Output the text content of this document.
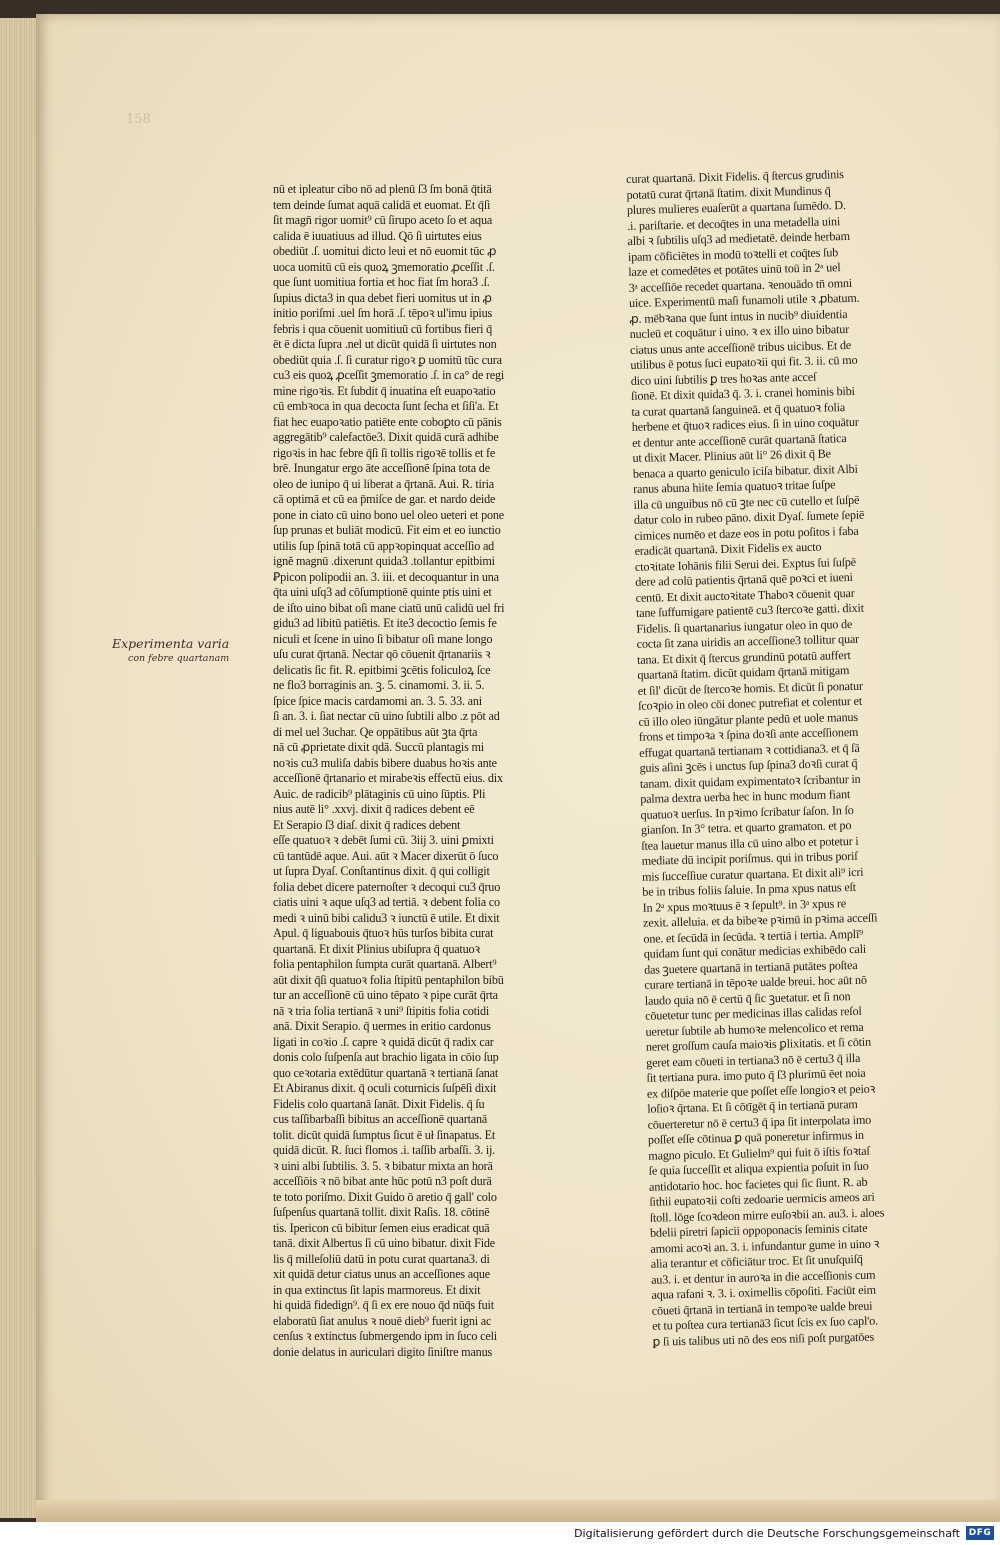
158
Experimenta varia
con febre quartanam
nū et ipleatur cibo nō ad plenū ſ3 ſm bonā q̄titā
tem deinde ſumat aquā calidā et euomat. Et q̄ſi
ſit magn̄ rigor uomit⁹ cū ſirupo aceto ſo et aqua
calida ē iuuatiuus ad illud. Qō ſi uirtutes eius
obediūt .ſ. uomitui dicto leui et nō euomit tūc ꝓ
uoca uomitū cū eis quoꝝ ꝫmemoratio ꝓceſſit .ſ.
que ſunt uomitiua fortia et hoc fiat ſm hora3 .ſ.
ſupius dicta3 in qua debet fieri uomitus ut in ꝓ
initio poriſmi .uel ſm horā .ſ. tēpoꝛ ul'imu ipius
febris i qua cōuenit uomitiuū cū fortibus fieri q̄
ēt ē dicta ſupra .nel ut dicūt quidā ſi uirtutes non
obediūt quia .ſ. ſi curatur rigoꝛ ꝑ uomitū tūc cura
cu3 eis quoꝝ ꝓceſſit ꝫmemoratio .ſ. in ca° de regi
mine rigoꝛis. Et ſubdit q̄ inuatina eſt euapoꝛatio
cū embꝛoca in qua decocta ſunt ſecha et ſiſi'a. Et
fiat hec euapoꝛatio patiēte ente coboꝑto cū pānis
aggregātib⁹ calefactōe3. Dixit quidā curā adhibe
rigoꝛis in hac febre q̄ſi ſi tollis rigoꝛē tollis et fe
brē. Inungatur ergo āte acceſſionē ſpina tota de
oleo de iunipo q̄ ui liberat a q̄rtanā. Aui. R. tiria
cā optimā et cū ea p̄miſce de gar. et nardo deide
pone in ciato cū uino bono uel oleo ueteri et pone
ſup prunas et buliāt modicū. Fit eim et eo iunctio
utilis ſup ſpinā totā cū appꝛopinquat acceſſio ad
igně magnū .dixerunt quida3 .tollantur epitbimi
Ꝑpicon polipodii an. 3. iii. et decoquantur in una
q̄ta uini uſq3 ad cōſumptionē quinte ptis uini et
de iſto uino bibat oſi mane ciatū unū calidū uel fri
gidu3 ad libitū patiētis. Et ite3 decoctio ſemis fe
niculi et ſcene in uino ſi bibatur oſi mane longo
uſu curat q̄rtanā. Nectar qō cōuenit q̄rtanariis ꝛ
delicatis ſic fit. R. epitbimi ꝫcētis foliculoꝝ ſce
ne flo3 borraginis an. ꝫ. 5. cinamomi. 3. ii. 5.
ſpice ſpice macis cardamomi an. 3. 5. 33. ani
ſi an. 3. i. ſiat nectar cū uino ſubtili albo .z pōt ad
di mel uel 3uchar. Qe oppātibus aūt ꝫta q̄rta
nā cū ꝓprietate dixit qdā. Succū plantagis mi
noꝛis cu3 muliſa dabis bibere duabus hoꝛis ante
acceſſionē q̄rtanario et mirabeꝛis effectū eius. dix
Auic. de radicib⁹ plātaginis cū uino ſūptis. Pli
nius autē li° .xxvj. dixit q̄ radices debent eē
Et Serapio ſ3 diaſ. dixit q̄ radices debent
eſſe quatuoꝛ ꝛ debēt ſumi cū. 3iij 3. uini ꝑmixti
cū tantūdē aque. Aui. aūt ꝛ Macer dixerūt ō ſuco
ut ſupra Dyaſ. Conſtantinus dixit. q̄ qui colligit
folia debet dicere paternoſter ꝛ decoqui cu3 q̄ruo
ciatis uini ꝛ aque uſq3 ad tertiā. ꝛ debent folia co
medi ꝛ uinū bibi calidu3 ꝛ iunctū ē utile. Et dixit
Apul. q̄ liguabouis q̄tuoꝛ hūs turſos bibita curat
quartanā. Et dixit Plinius ubiſupra q̄ quatuoꝛ
folia pentaphilon ſumpta curāt quartanā. Albert⁹
aūt dixit q̄ſi quatuoꝛ folia ſtipitū pentaphilon bibū
tur an acceſſionē cū uino tēpato ꝛ pipe curāt q̄rta
nā ꝛ tria folia tertianā ꝛ uni⁹ ſtipitis folia cotidi
anā. Dixit Serapio. q̄ uermes in eritio cardonus
ligati in coꝛio .ſ. capre ꝛ quidā dicūt q̄ radix car
donis colo ſuſpenſa aut brachio ligata in cōio ſup
quo ceꝛotaria extēdūtur quartanā ꝛ tertianā ſanat
Et Abiranus dixit. q̄ oculi coturnicis ſuſpēſi dixit
Fidelis colo quartanā ſanāt. Dixit Fidelis. q̄ ſu
cus taſſibarbaſſi bibitus an acceſſionē quartanā
tolit. dicūt quidā ſumptus ſicut ē uł ſinapatus. Et
quidā dicūt. R. ſuci flomos .i. taſſib arbaſſi. 3. ij.
ꝛ uini albi ſubtilis. 3. 5. ꝛ bibatur mixta an horā
acceſſiōis ꝛ nō bibat ante hūc potū n3 poſt durā
te toto poriſmo. Dixit Guido ō aretio q̄ gall' colo
ſuſpenſus quartanā tollit. dixit Raſis. 18. cōtinē
tis. Ipericon cū bibitur ſemen eius eradicat quā
tanā. dixit Albertus ſi cū uino bibatur. dixit Fide
lis q̄ milleſoliū datū in potu curat quartana3. di
xit quidā detur ciatus unus an acceſſiones aque
in qua extinctus ſit lapis marmoreus. Et dixit
hi quidā fidedign⁹. q̄ ſi ex ere nouo q̄d nūq̄s fuit
elaboratū ſiat anulus ꝛ nouē dieb⁹ fuerit igni ac
cenſus ꝛ extinctus ſubmergendo ipm in ſuco celi
donie delatus in auriculari digito ſiniſtre manus
curat quartanā. Dixit Fidelis. q̄ ſtercus grudinis
potatū curat q̄rtanā ſtatim. dixit Mundinus q̄
plures mulieres euaſerūt a quartana ſumēdo. D.
.i. pariſtarie. et decoq̄tes in una metadella uini
albi ꝛ ſubtilis uſq3 ad medietatē. deinde herbam
ipam cōficiētes in modū toꝛtelli et coq̄tes ſub
laze et comedētes et potātes uinū toū in 2ᵃ uel
3ᵃ acceſſiōe recedet quartana. ꝛenouādo tn̄ omni
uice. Experimentū maſi funamoli utile ꝛ ꝓbatum.
ꝓ. mēbꝛana que ſunt intus in nucib⁹ diuidentia
nucleū et coquātur i uino. ꝛ ex illo uino bibatur
ciatus unus ante acceſſionē tribus uicibus. Et de
utilibus ē potus ſuci eupatoꝛii qui fit. 3. ii. cū mo
dico uini ſubtilis ꝑ tres hoꝛas ante acceſ
ſionē. Et dixit quida3 q̄. 3. i. cranei hominis bibi
ta curat quartanā ſanguineā. et q̄ quatuoꝛ folia
herbene et q̄tuoꝛ radices eius. ſi in uino coquātur
et dentur ante acceſſionē curāt quartanā ſtatica
ut dixit Macer. Plinius aūt li° 26 dixit q̄ Be
benaca a quarto geniculo iciſa bibatur. dixit Albi
ranus abuna hiite ſemia quatuoꝛ tritae ſuſpe
illa cū unguibus nō cū ꝫte nec cū cutello et ſuſpē
datur colo in rubeo pāno. dixit Dyaſ. ſumete ſepiē
cimices numēo et daze eos in potu poſitos i faba
eradicāt quartanā. Dixit Fidelis ex aucto
ctoꝛitate Iohānis filii Serui dei. Exptus ſui ſuſpē
dere ad colū patientis q̄rtanā quē poꝛci et iueni
centū. Et dixit auctoꝛitate Thaboꝛ cōuenit quar
tane ſuffumigare patientē cu3 ſtercoꝛe gatti. dixit
Fidelis. ſi quartanarius iungatur oleo in quo de
cocta ſit zana uiridis an acceſſione3 tollitur quar
tana. Et dixit q̄ ſtercus grundinū potatū auffert
quartanā ſtatim. dicūt quidam q̄rtanā mitigam
et ſil' dicūt de ſtercoꝛe homis. Et dicūt ſi ponatur
ſcoꝛpio in oleo cōi donec putrefiat et colentur et
cū illo oleo iūngātur plante pedū et uole manus
frons et timpoꝛa ꝛ ſpina doꝛſi ante acceſſionem
effugat quartanā tertianam ꝛ cottidiana3. et q̄ ſā
guis aſini ꝫcēs i unctus ſup ſpina3 doꝛſi curat q̄
tanam. dixit quidam expimentatoꝛ ſcribantur in
palma dextra uerba hec in hunc modum fiant
quatuoꝛ uerſus. In pꝛimo ſcribatur ſaſon. In ſo
gianſon. In 3° tetra. et quarto gramaton. et po
ſtea lauetur manus illa cū uino albo et potetur i
mediate dū incipit poriſmus. qui in tribus poriſ
mis ſucceſſiue curatur quartana. Et dixit ali⁹ icri
be in tribus foliis ſaluie. In pma xpus natus eſt
In 2ᵃ xpus moꝛtuus ē ꝛ ſepult⁹. in 3ᵃ xpus re
zexit. alleluia. et da bibeꝛe pꝛimū in pꝛima acceſſi
one. et ſecūdā in ſecūda. ꝛ tertiā i tertia. Amplī⁹
quidam ſunt qui conātur medicias exhibēdo cali
das ꝫuetere quartanā in tertianā putātes poſtea
curare tertianā in tēpoꝛe ualde breui. hoc aūt nō
laudo quia nō ē certū q̄ ſic ꝫuetatur. et ſi non
cōuetetur tunc per medicinas illas calidas reſol
ueretur ſubtile ab humoꝛe melencolico et rema
neret groſſum cauſa maioꝛis ꝑlixitatis. et ſi cōtin
geret eam cōueti in tertiana3 nō ē certu3 q̄ illa
ſit tertiana pura. imo puto q̄ ſ3 plurimū ēet noia
ex diſpōe materie que poſſet eſſe longioꝛ et peioꝛ
loſioꝛ q̄rtana. Et ſi cōtīgēt q̄ in tertianā puram
cōuerteretur nō ē certu3 q̄ ipa ſit interpolata imo
poſſet eſſe cōtinua ꝑ quā poneretur infirmus in
magno piculo. Et Gulielm⁹ qui fuit ō iſtis foꝛtaſ
ſe quia ſucceſſit et aliqua expientia poſuit in ſuo
antidotario hoc. hoc facietes qui ſic ſiunt. R. ab
ſithii eupatoꝛii coſti zedoarie uermicis ameos ari
ſtoll. lōge ſcoꝛdeon mirre euſoꝛbii an. au3. i. aloes
bdelii piretri ſapicii oppoponacis ſeminis citate
amomi acoꝛi an. 3. i. infundantur gume in uino ꝛ
alia terantur et cōficiātur troc. Et ſit unuſquiſq̄
au3. i. et dentur in auroꝛa in die acceſſionis cum
aqua rafani ꝛ. 3. i. oximellis cōpoſiti. Faciūt eim
cōueti q̄rtanā in tertianā in tempoꝛe ualde breui
et tu poſtea cura tertianā3 ſicut ſcis ex ſuo capl'o.
ꝑ ſi uis talibus uti nō des eos niſi poſt purgatōes
Digitalisierung gefördert durch die Deutsche Forschungsgemeinschaft DFG
